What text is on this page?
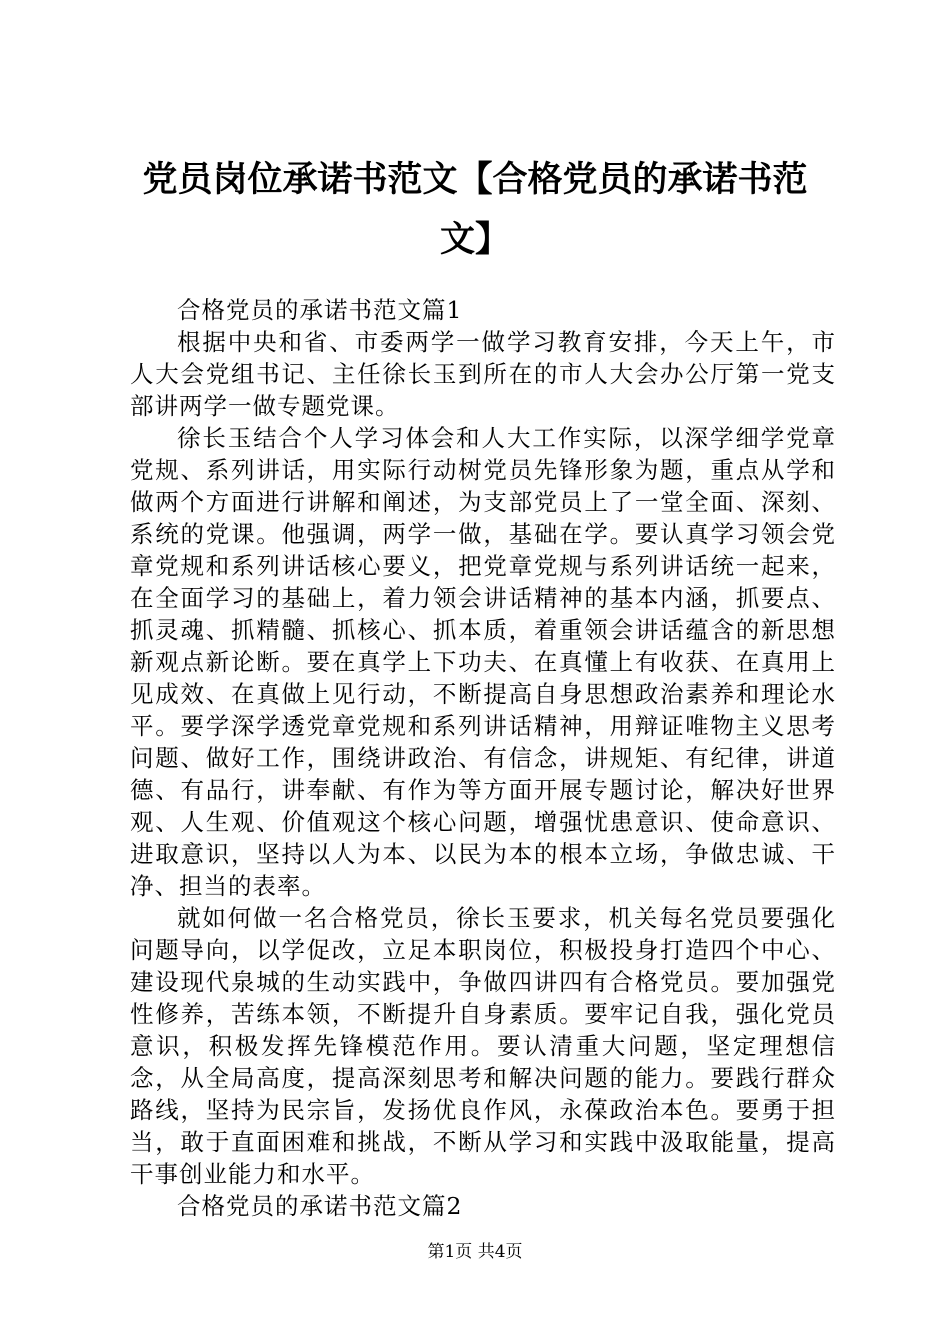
党员岗位承诺书范文【合格党员的承诺书范文】

合格党员的承诺书范文篇1

根据中央和省、市委两学一做学习教育安排，今天上午，市人大会党组书记、主任徐长玉到所在的市人大会办公厅第一党支部讲两学一做专题党课。

徐长玉结合个人学习体会和人大工作实际，以深学细学党章党规、系列讲话，用实际行动树党员先锋形象为题，重点从学和做两个方面进行讲解和阐述，为支部党员上了一堂全面、深刻、系统的党课。他强调，两学一做，基础在学。要认真学习领会党章党规和系列讲话核心要义，把党章党规与系列讲话统一起来，在全面学习的基础上，着力领会讲话精神的基本内涵，抓要点、抓灵魂、抓精髓、抓核心、抓本质，着重领会讲话蕴含的新思想新观点新论断。要在真学上下功夫、在真懂上有收获、在真用上见成效、在真做上见行动，不断提高自身思想政治素养和理论水平。要学深学透党章党规和系列讲话精神，用辩证唯物主义思考问题、做好工作，围绕讲政治、有信念，讲规矩、有纪律，讲道德、有品行，讲奉献、有作为等方面开展专题讨论，解决好世界观、人生观、价值观这个核心问题，增强忧患意识、使命意识、进取意识，坚持以人为本、以民为本的根本立场，争做忠诚、干净、担当的表率。

就如何做一名合格党员，徐长玉要求，机关每名党员要强化问题导向，以学促改，立足本职岗位，积极投身打造四个中心、建设现代泉城的生动实践中，争做四讲四有合格党员。要加强党性修养，苦练本领，不断提升自身素质。要牢记自我，强化党员意识，积极发挥先锋模范作用。要认清重大问题，坚定理想信念，从全局高度，提高深刻思考和解决问题的能力。要践行群众路线，坚持为民宗旨，发扬优良作风，永葆政治本色。要勇于担当，敢于直面困难和挑战，不断从学习和实践中汲取能量，提高干事创业能力和水平。

合格党员的承诺书范文篇2

第1页 共4页
